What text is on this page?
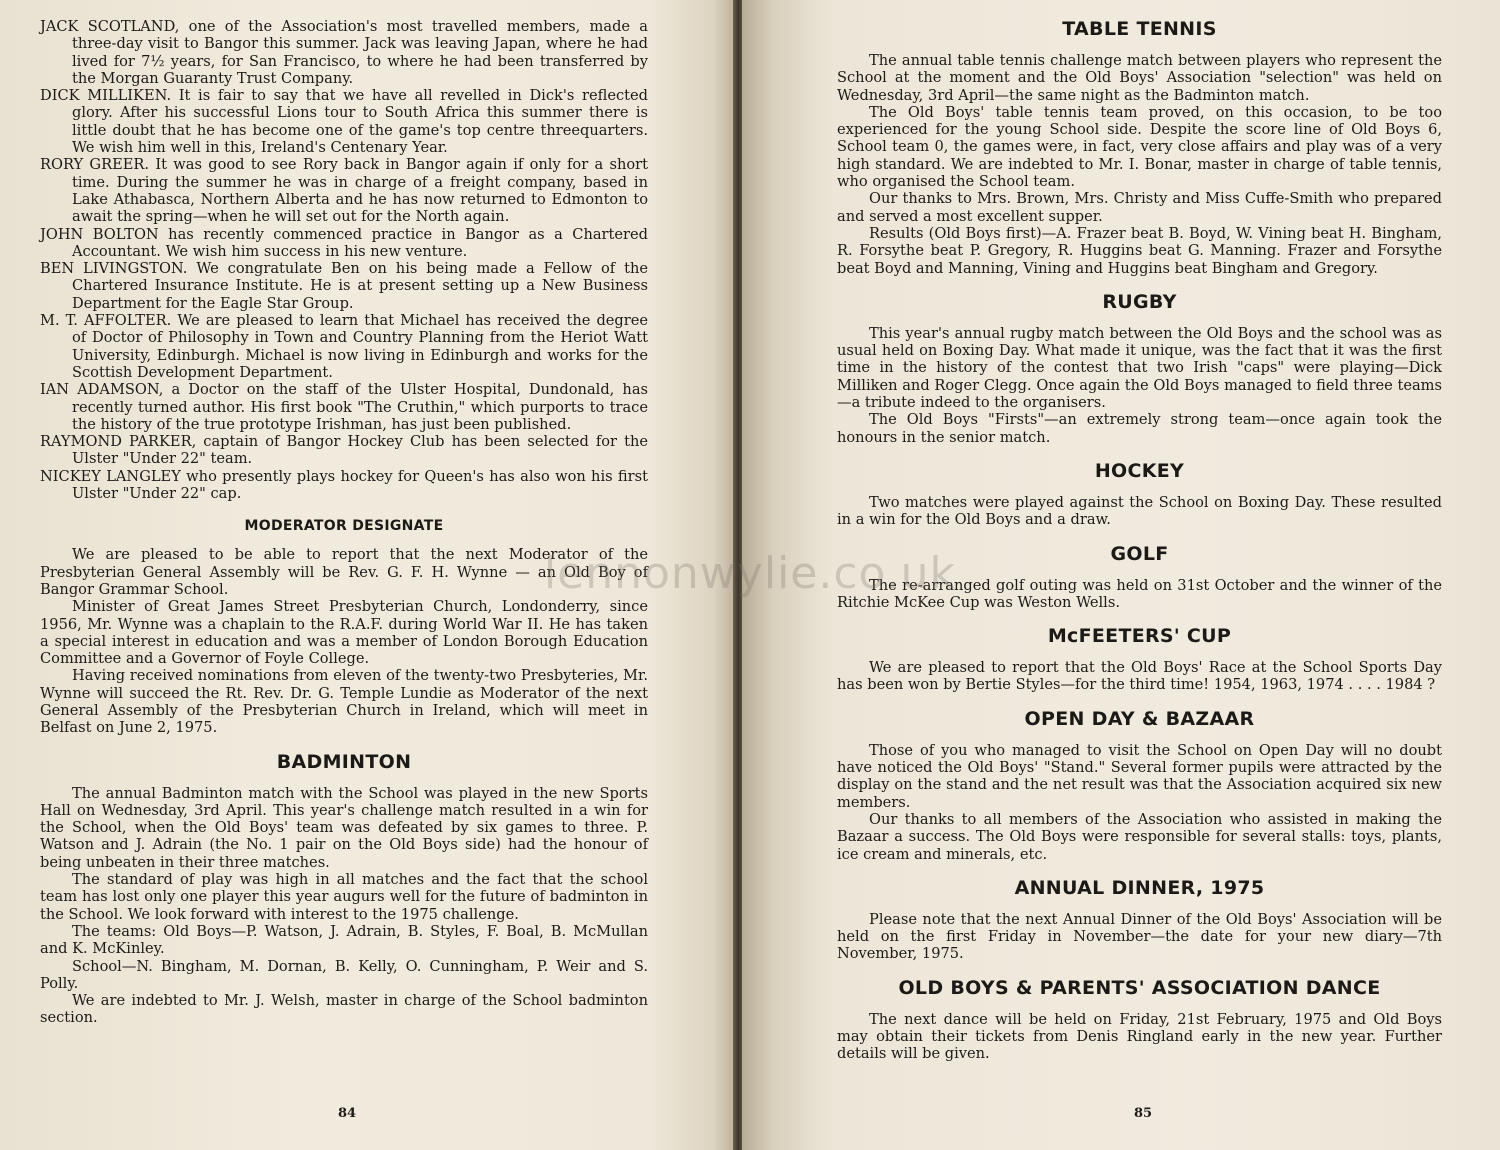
JACK SCOTLAND, one of the Association's most travelled members, made a three-day visit to Bangor this summer. Jack was leaving Japan, where he had lived for 7½ years, for San Francisco, to where he had been transferred by the Morgan Guaranty Trust Company.

DICK MILLIKEN. It is fair to say that we have all revelled in Dick's reflected glory. After his successful Lions tour to South Africa this summer there is little doubt that he has become one of the game's top centre threequarters. We wish him well in this, Ireland's Centenary Year.

RORY GREER. It was good to see Rory back in Bangor again if only for a short time. During the summer he was in charge of a freight company, based in Lake Athabasca, Northern Alberta and he has now returned to Edmonton to await the spring—when he will set out for the North again.

JOHN BOLTON has recently commenced practice in Bangor as a Chartered Accountant. We wish him success in his new venture.

BEN LIVINGSTON. We congratulate Ben on his being made a Fellow of the Chartered Insurance Institute. He is at present setting up a New Business Department for the Eagle Star Group.

M. T. AFFOLTER. We are pleased to learn that Michael has received the degree of Doctor of Philosophy in Town and Country Planning from the Heriot Watt University, Edinburgh. Michael is now living in Edinburgh and works for the Scottish Development Department.

IAN ADAMSON, a Doctor on the staff of the Ulster Hospital, Dundonald, has recently turned author. His first book "The Cruthin," which purports to trace the history of the true prototype Irishman, has just been published.

RAYMOND PARKER, captain of Bangor Hockey Club has been selected for the Ulster "Under 22" team.

NICKEY LANGLEY who presently plays hockey for Queen's has also won his first Ulster "Under 22" cap.

MODERATOR DESIGNATE

We are pleased to be able to report that the next Moderator of the Presbyterian General Assembly will be Rev. G. F. H. Wynne — an Old Boy of Bangor Grammar School.

Minister of Great James Street Presbyterian Church, Londonderry, since 1956, Mr. Wynne was a chaplain to the R.A.F. during World War II. He has taken a special interest in education and was a member of London Borough Education Committee and a Governor of Foyle College.

Having received nominations from eleven of the twenty-two Presbyteries, Mr. Wynne will succeed the Rt. Rev. Dr. G. Temple Lundie as Moderator of the next General Assembly of the Presbyterian Church in Ireland, which will meet in Belfast on June 2, 1975.

BADMINTON

The annual Badminton match with the School was played in the new Sports Hall on Wednesday, 3rd April. This year's challenge match resulted in a win for the School, when the Old Boys' team was defeated by six games to three. P. Watson and J. Adrain (the No. 1 pair on the Old Boys side) had the honour of being unbeaten in their three matches.

The standard of play was high in all matches and the fact that the school team has lost only one player this year augurs well for the future of badminton in the School. We look forward with interest to the 1975 challenge.

The teams: Old Boys—P. Watson, J. Adrain, B. Styles, F. Boal, B. McMullan and K. McKinley.

School—N. Bingham, M. Dornan, B. Kelly, O. Cunningham, P. Weir and S. Polly.

We are indebted to Mr. J. Welsh, master in charge of the School badminton section.

84
TABLE TENNIS

The annual table tennis challenge match between players who represent the School at the moment and the Old Boys' Association "selection" was held on Wednesday, 3rd April—the same night as the Badminton match.

The Old Boys' table tennis team proved, on this occasion, to be too experienced for the young School side. Despite the score line of Old Boys 6, School team 0, the games were, in fact, very close affairs and play was of a very high standard. We are indebted to Mr. I. Bonar, master in charge of table tennis, who organised the School team.

Our thanks to Mrs. Brown, Mrs. Christy and Miss Cuffe-Smith who prepared and served a most excellent supper.

Results (Old Boys first)—A. Frazer beat B. Boyd, W. Vining beat H. Bingham, R. Forsythe beat P. Gregory, R. Huggins beat G. Manning. Frazer and Forsythe beat Boyd and Manning, Vining and Huggins beat Bingham and Gregory.

RUGBY

This year's annual rugby match between the Old Boys and the school was as usual held on Boxing Day. What made it unique, was the fact that it was the first time in the history of the contest that two Irish "caps" were playing—Dick Milliken and Roger Clegg. Once again the Old Boys managed to field three teams—a tribute indeed to the organisers.

The Old Boys "Firsts"—an extremely strong team—once again took the honours in the senior match.

HOCKEY

Two matches were played against the School on Boxing Day. These resulted in a win for the Old Boys and a draw.

GOLF

The re-arranged golf outing was held on 31st October and the winner of the Ritchie McKee Cup was Weston Wells.

McFEETERS' CUP

We are pleased to report that the Old Boys' Race at the School Sports Day has been won by Bertie Styles—for the third time! 1954, 1963, 1974 . . . . 1984 ?

OPEN DAY & BAZAAR

Those of you who managed to visit the School on Open Day will no doubt have noticed the Old Boys' "Stand." Several former pupils were attracted by the display on the stand and the net result was that the Association acquired six new members.

Our thanks to all members of the Association who assisted in making the Bazaar a success. The Old Boys were responsible for several stalls: toys, plants, ice cream and minerals, etc.

ANNUAL DINNER, 1975

Please note that the next Annual Dinner of the Old Boys' Association will be held on the first Friday in November—the date for your new diary—7th November, 1975.

OLD BOYS & PARENTS' ASSOCIATION DANCE

The next dance will be held on Friday, 21st February, 1975 and Old Boys may obtain their tickets from Denis Ringland early in the new year. Further details will be given.

85
lennonwylie.co.uk
